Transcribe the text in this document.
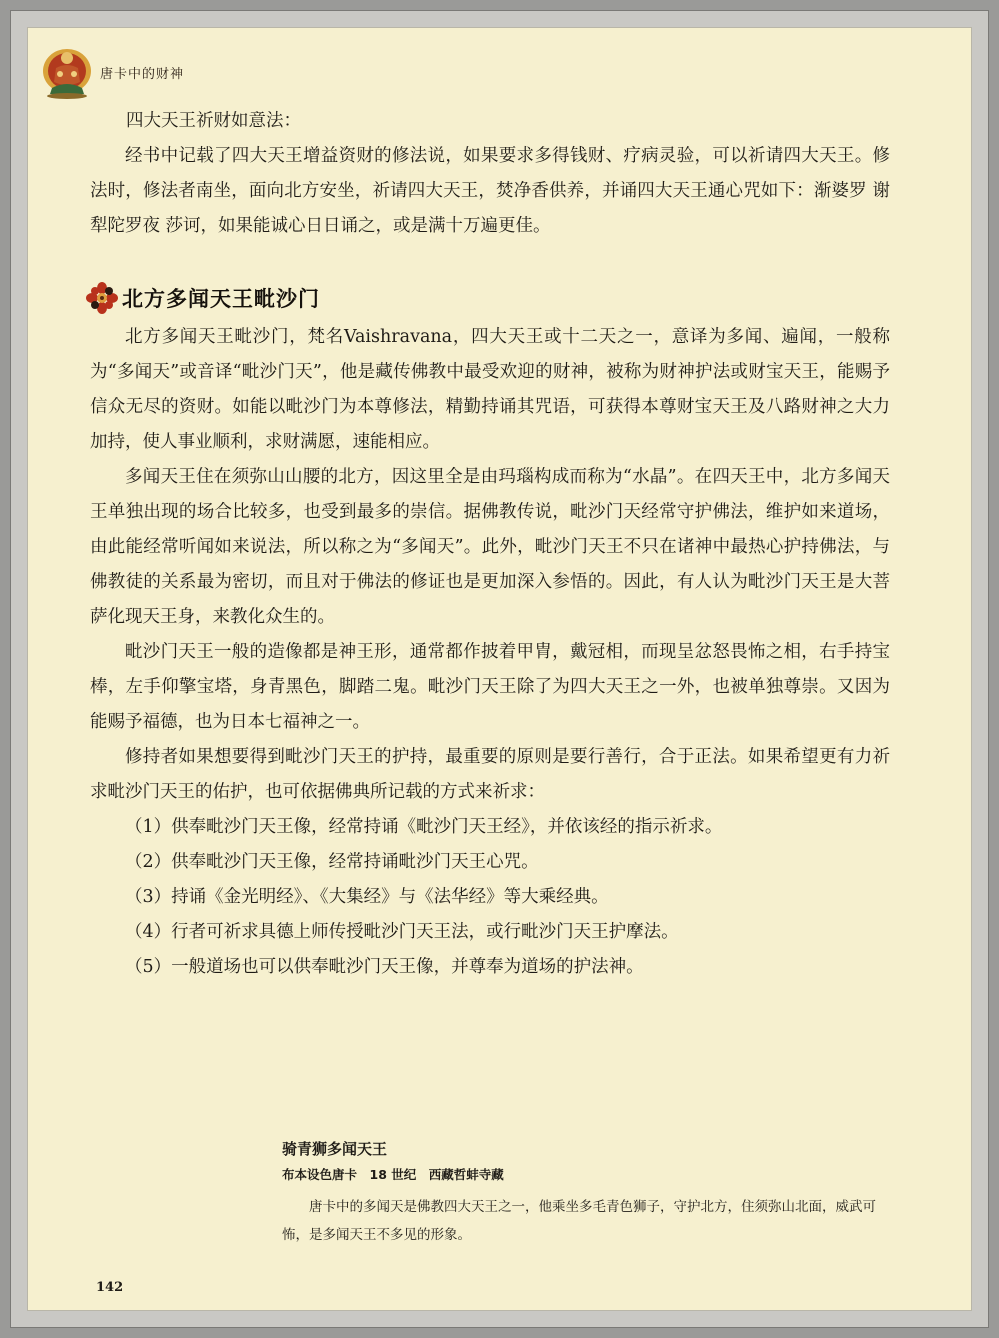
唐卡中的财神

四大天王祈财如意法：

经书中记载了四大天王增益资财的修法说，如果要求多得钱财、疗病灵验，可以祈请四大天王。修法时，修法者南坐，面向北方安坐，祈请四大天王，焚净香供养，并诵四大天王通心咒如下：渐婆罗 谢犁陀罗夜 莎诃，如果能诚心日日诵之，或是满十万遍更佳。

北方多闻天王毗沙门

北方多闻天王毗沙门，梵名Vaishravana，四大天王或十二天之一，意译为多闻、遍闻，一般称为“多闻天”或音译“毗沙门天”，他是藏传佛教中最受欢迎的财神，被称为财神护法或财宝天王，能赐予信众无尽的资财。如能以毗沙门为本尊修法，精勤持诵其咒语，可获得本尊财宝天王及八路财神之大力加持，使人事业顺利，求财满愿，速能相应。

多闻天王住在须弥山山腰的北方，因这里全是由玛瑙构成而称为“水晶”。在四天王中，北方多闻天王单独出现的场合比较多，也受到最多的崇信。据佛教传说，毗沙门天经常守护佛法，维护如来道场，由此能经常听闻如来说法，所以称之为“多闻天”。此外，毗沙门天王不只在诸神中最热心护持佛法，与佛教徒的关系最为密切，而且对于佛法的修证也是更加深入参悟的。因此，有人认为毗沙门天王是大菩萨化现天王身，来教化众生的。

毗沙门天王一般的造像都是神王形，通常都作披着甲胄，戴冠相，而现呈忿怒畏怖之相，右手持宝棒，左手仰擎宝塔，身青黑色，脚踏二鬼。毗沙门天王除了为四大天王之一外，也被单独尊崇。又因为能赐予福德，也为日本七福神之一。

修持者如果想要得到毗沙门天王的护持，最重要的原则是要行善行，合于正法。如果希望更有力祈求毗沙门天王的佑护，也可依据佛典所记载的方式来祈求：

（1）供奉毗沙门天王像，经常持诵《毗沙门天王经》，并依该经的指示祈求。
（2）供奉毗沙门天王像，经常持诵毗沙门天王心咒。
（3）持诵《金光明经》、《大集经》与《法华经》等大乘经典。
（4）行者可祈求具德上师传授毗沙门天王法，或行毗沙门天王护摩法。
（5）一般道场也可以供奉毗沙门天王像，并尊奉为道场的护法神。

骑青狮多闻天王

布本设色唐卡　18 世纪　西藏哲蚌寺藏

唐卡中的多闻天是佛教四大天王之一，他乘坐多毛青色狮子，守护北方，住须弥山北面，威武可怖，是多闻天王不多见的形象。

142
